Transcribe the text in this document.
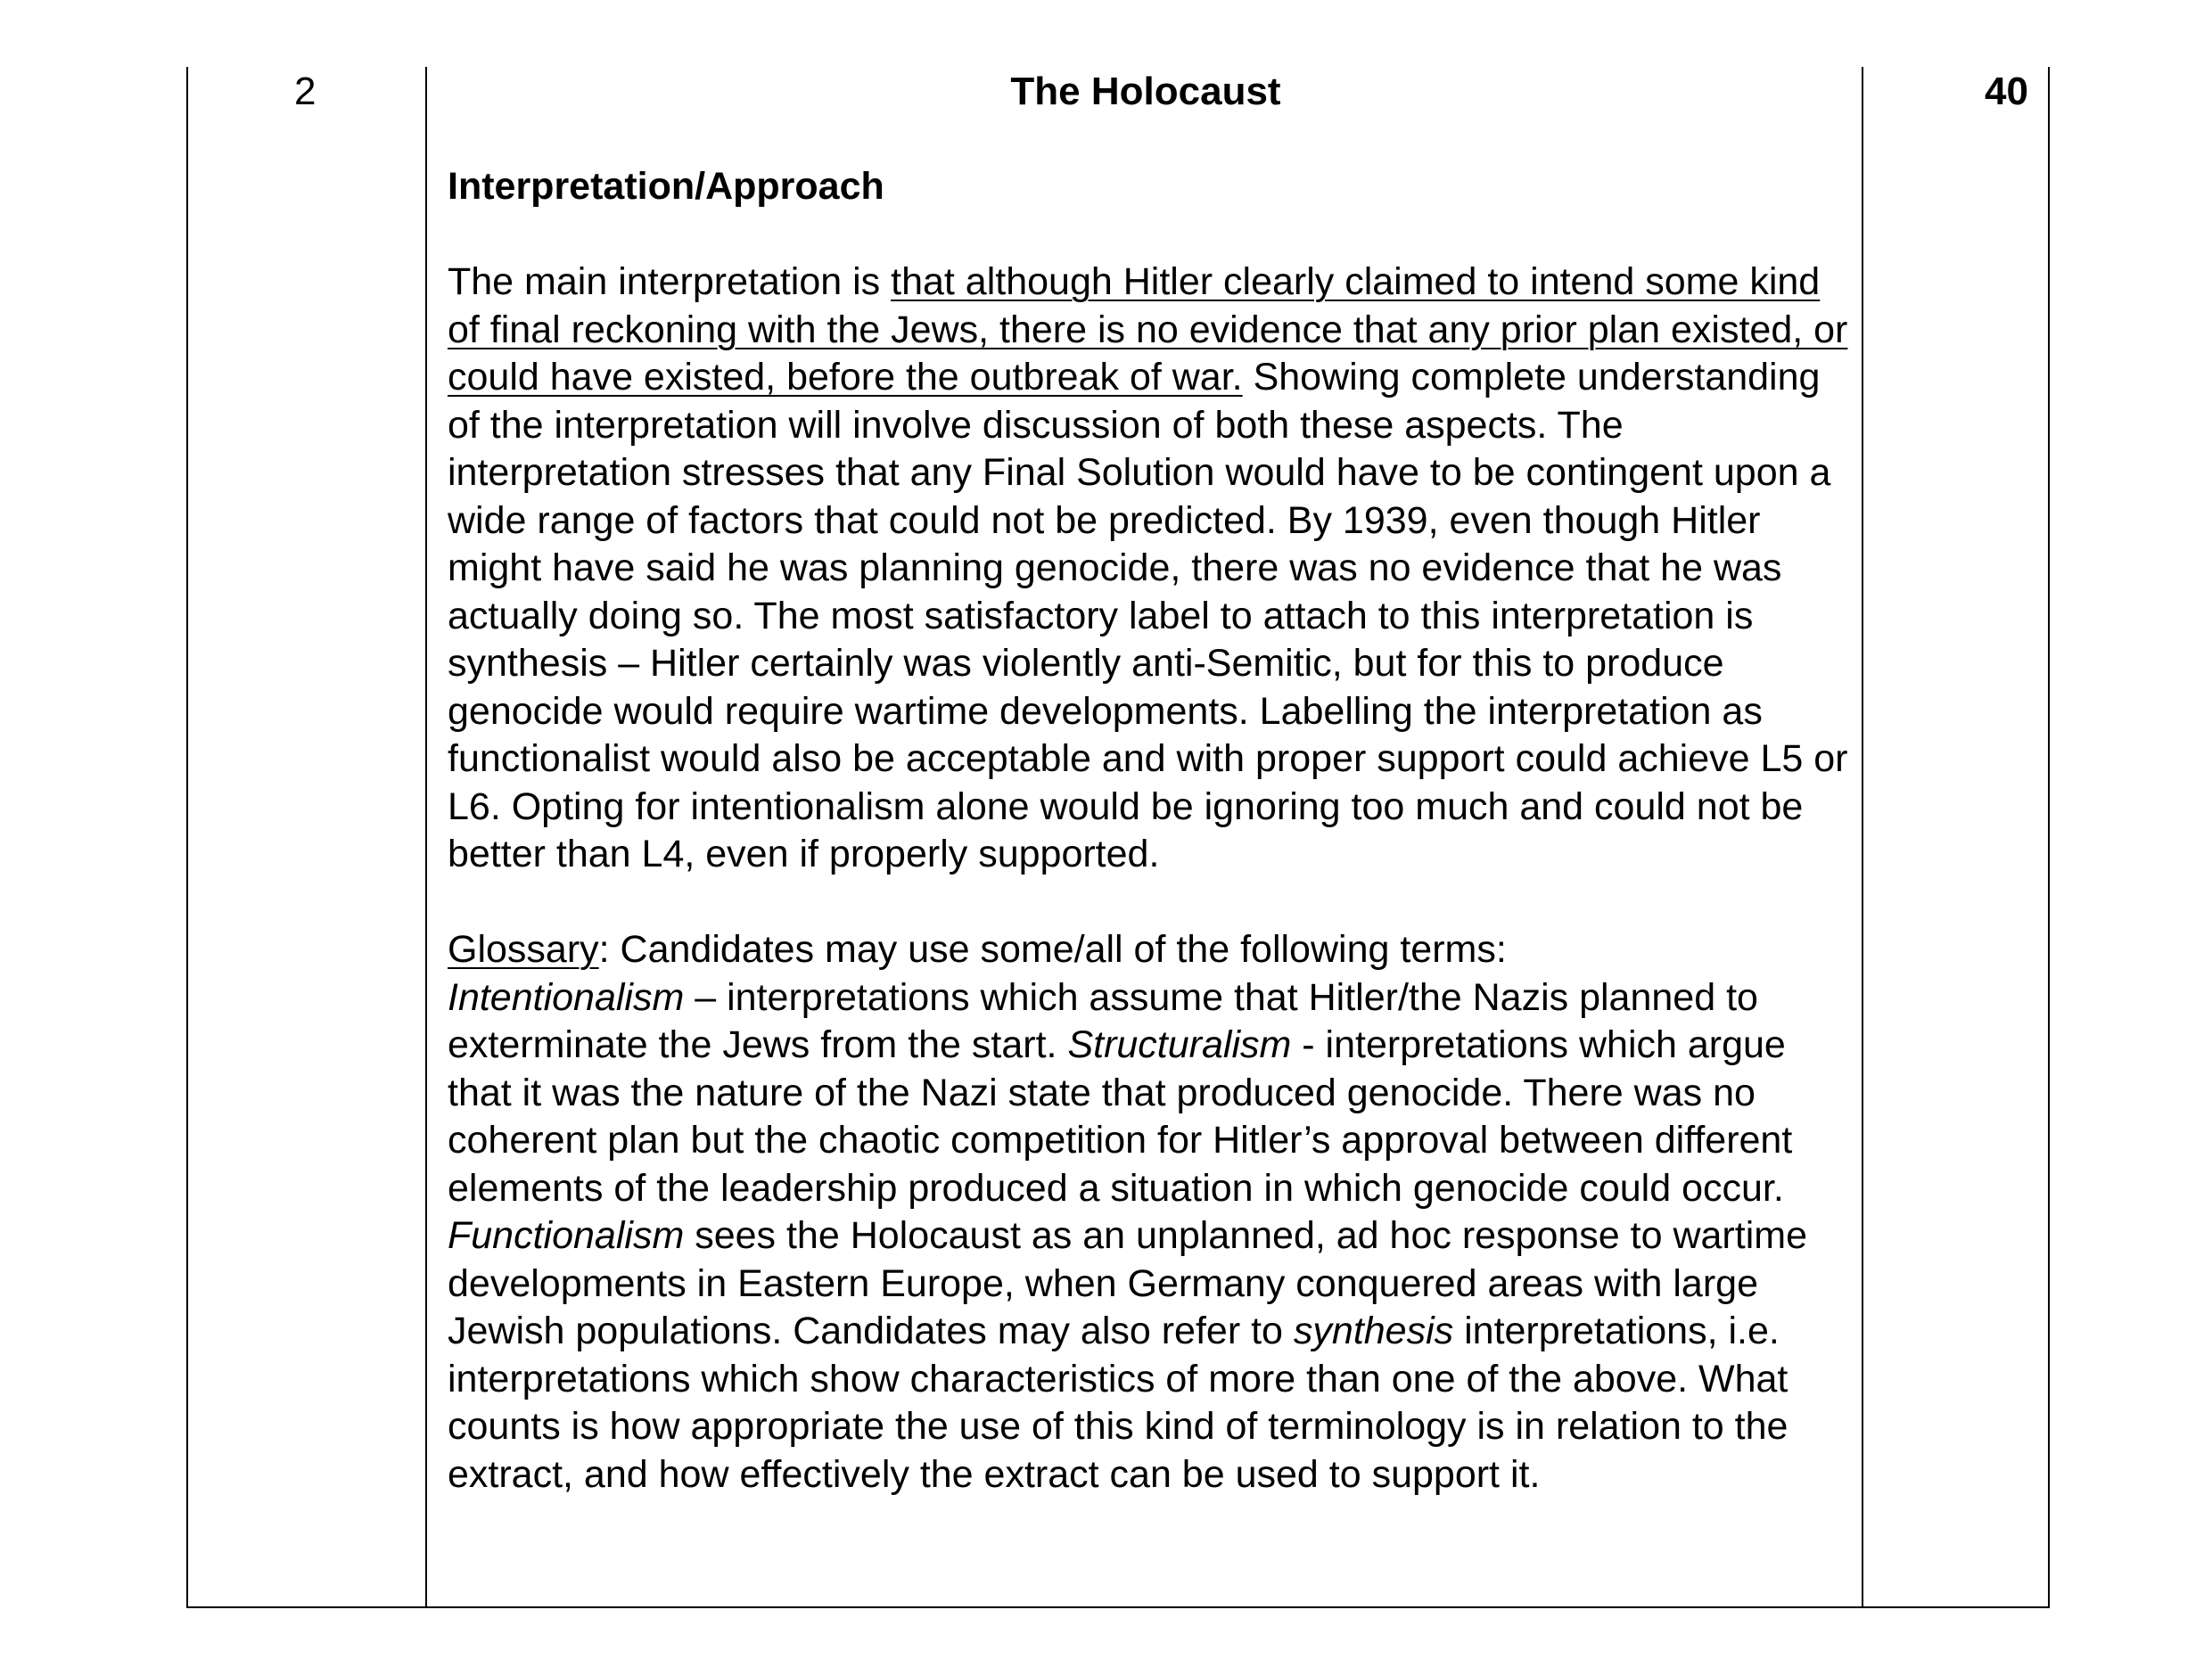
2	The Holocaust	40

Interpretation/Approach

The main interpretation is that although Hitler clearly claimed to intend some kind of final reckoning with the Jews, there is no evidence that any prior plan existed, or could have existed, before the outbreak of war. Showing complete understanding of the interpretation will involve discussion of both these aspects. The interpretation stresses that any Final Solution would have to be contingent upon a wide range of factors that could not be predicted. By 1939, even though Hitler might have said he was planning genocide, there was no evidence that he was actually doing so. The most satisfactory label to attach to this interpretation is synthesis – Hitler certainly was violently anti-Semitic, but for this to produce genocide would require wartime developments. Labelling the interpretation as functionalist would also be acceptable and with proper support could achieve L5 or L6. Opting for intentionalism alone would be ignoring too much and could not be better than L4, even if properly supported.

Glossary: Candidates may use some/all of the following terms:
Intentionalism – interpretations which assume that Hitler/the Nazis planned to exterminate the Jews from the start. Structuralism - interpretations which argue that it was the nature of the Nazi state that produced genocide. There was no coherent plan but the chaotic competition for Hitler’s approval between different elements of the leadership produced a situation in which genocide could occur. Functionalism sees the Holocaust as an unplanned, ad hoc response to wartime developments in Eastern Europe, when Germany conquered areas with large Jewish populations. Candidates may also refer to synthesis interpretations, i.e. interpretations which show characteristics of more than one of the above. What counts is how appropriate the use of this kind of terminology is in relation to the extract, and how effectively the extract can be used to support it.
